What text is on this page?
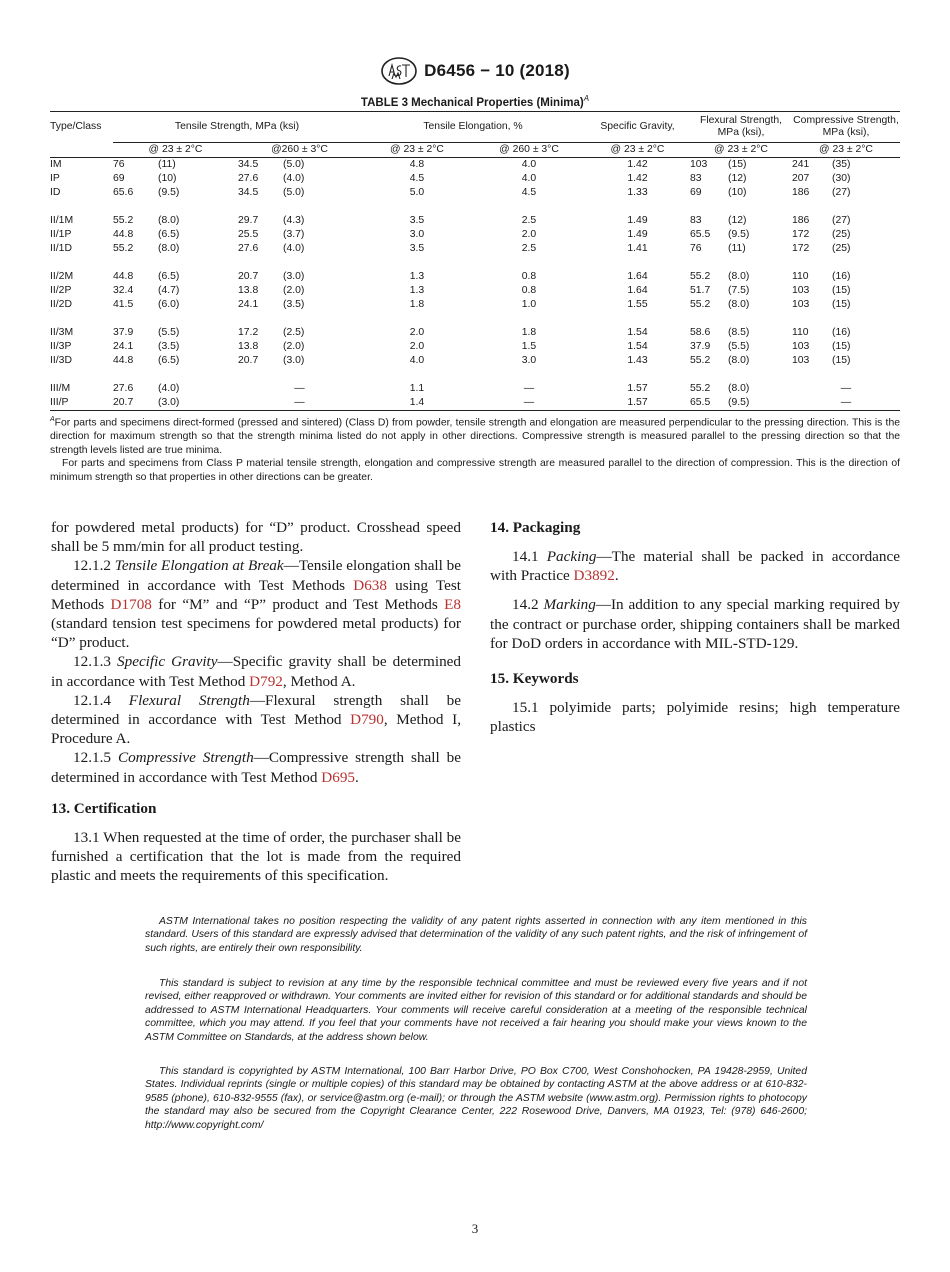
D6456 − 10 (2018)
TABLE 3 Mechanical Properties (Minima)$^A$

Type/Class	Tensile Strength, MPa (ksi)				Tensile Elongation, %		Specific Gravity,	Flexural Strength, MPa (ksi),		Compressive Strength, MPa (ksi),	
	@ 23 ± 2°C		@260 ± 3°C		@ 23 ± 2°C	@ 260 ± 3°C	@ 23 ± 2°C	@ 23 ± 2°C		@ 23 ± 2°C	
IM	76	(11)	34.5	(5.0)	4.8	4.0	1.42	103	(15)	241	(35)
IP	69	(10)	27.6	(4.0)	4.5	4.0	1.42	83	(12)	207	(30)
ID	65.6	(9.5)	34.5	(5.0)	5.0	4.5	1.33	69	(10)	186	(27)

II/1M	55.2	(8.0)	29.7	(4.3)	3.5	2.5	1.49	83	(12)	186	(27)
II/1P	44.8	(6.5)	25.5	(3.7)	3.0	2.0	1.49	65.5	(9.5)	172	(25)
II/1D	55.2	(8.0)	27.6	(4.0)	3.5	2.5	1.41	76	(11)	172	(25)

II/2M	44.8	(6.5)	20.7	(3.0)	1.3	0.8	1.64	55.2	(8.0)	110	(16)
II/2P	32.4	(4.7)	13.8	(2.0)	1.3	0.8	1.64	51.7	(7.5)	103	(15)
II/2D	41.5	(6.0)	24.1	(3.5)	1.8	1.0	1.55	55.2	(8.0)	103	(15)

II/3M	37.9	(5.5)	17.2	(2.5)	2.0	1.8	1.54	58.6	(8.5)	110	(16)
II/3P	24.1	(3.5)	13.8	(2.0)	2.0	1.5	1.54	37.9	(5.5)	103	(15)
II/3D	44.8	(6.5)	20.7	(3.0)	4.0	3.0	1.43	55.2	(8.0)	103	(15)

III/M	27.6	(4.0)	—		1.1	—	1.57	55.2	(8.0)	—	
III/P	20.7	(3.0)	—		1.4	—	1.57	65.5	(9.5)	—	

$^A$For parts and specimens direct-formed (pressed and sintered) (Class D) from powder, tensile strength and elongation are measured perpendicular to the pressing direction. This is the direction for maximum strength so that the strength minima listed do not apply in other directions. Compressive strength is measured parallel to the pressing direction so that the strength levels listed are true minima.

For parts and specimens from Class P material tensile strength, elongation and compressive strength are measured parallel to the direction of compression. This is the direction of minimum strength so that properties in other directions can be greater.

for powdered metal products) for “D” product. Crosshead speed shall be 5 mm/min for all product testing.

12.1.2 Tensile Elongation at Break—Tensile elongation shall be determined in accordance with Test Methods D638 using Test Methods D1708 for “M” and “P” product and Test Methods E8 (standard tension test specimens for powdered metal products) for “D” product.

12.1.3 Specific Gravity—Specific gravity shall be determined in accordance with Test Method D792, Method A.

12.1.4 Flexural Strength—Flexural strength shall be determined in accordance with Test Method D790, Method I, Procedure A.

12.1.5 Compressive Strength—Compressive strength shall be determined in accordance with Test Method D695.

13. Certification

13.1 When requested at the time of order, the purchaser shall be furnished a certification that the lot is made from the required plastic and meets the requirements of this specification.

14. Packaging

14.1 Packing—The material shall be packed in accordance with Practice D3892.

14.2 Marking—In addition to any special marking required by the contract or purchase order, shipping containers shall be marked for DoD orders in accordance with MIL-STD-129.

15. Keywords

15.1 polyimide parts; polyimide resins; high temperature plastics

ASTM International takes no position respecting the validity of any patent rights asserted in connection with any item mentioned in this standard. Users of this standard are expressly advised that determination of the validity of any such patent rights, and the risk of infringement of such rights, are entirely their own responsibility.

This standard is subject to revision at any time by the responsible technical committee and must be reviewed every five years and if not revised, either reapproved or withdrawn. Your comments are invited either for revision of this standard or for additional standards and should be addressed to ASTM International Headquarters. Your comments will receive careful consideration at a meeting of the responsible technical committee, which you may attend. If you feel that your comments have not received a fair hearing you should make your views known to the ASTM Committee on Standards, at the address shown below.

This standard is copyrighted by ASTM International, 100 Barr Harbor Drive, PO Box C700, West Conshohocken, PA 19428-2959, United States. Individual reprints (single or multiple copies) of this standard may be obtained by contacting ASTM at the above address or at 610-832-9585 (phone), 610-832-9555 (fax), or service@astm.org (e-mail); or through the ASTM website (www.astm.org). Permission rights to photocopy the standard may also be secured from the Copyright Clearance Center, 222 Rosewood Drive, Danvers, MA 01923, Tel: (978) 646-2600; http://www.copyright.com/

3
